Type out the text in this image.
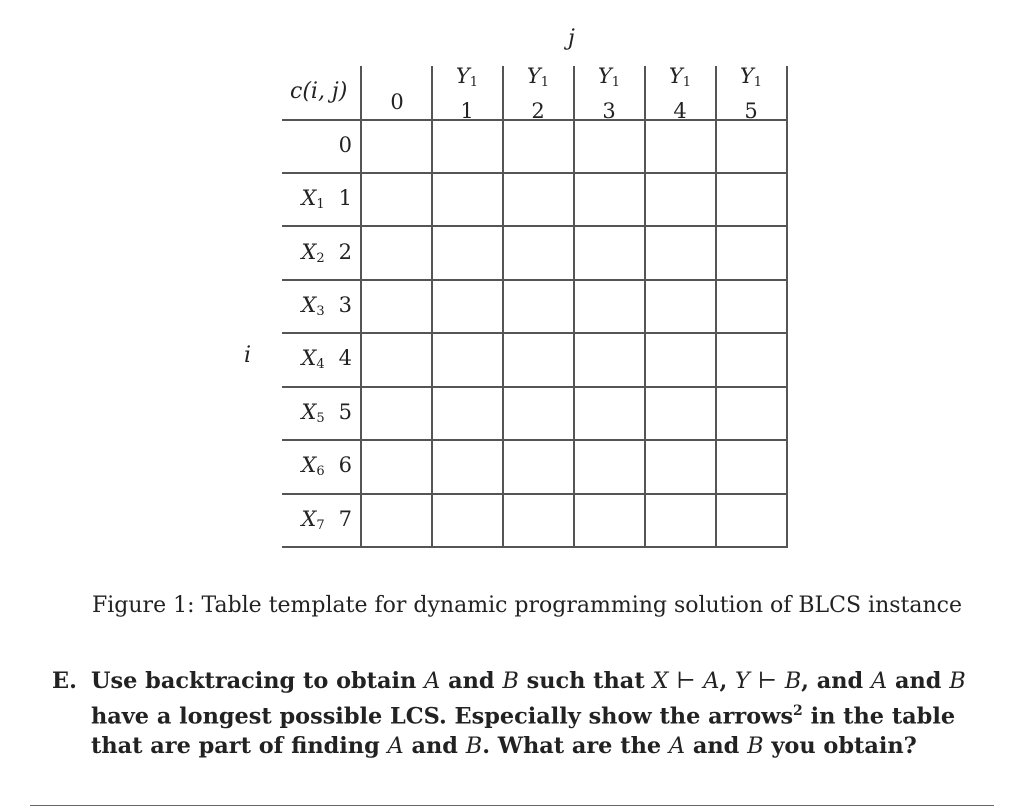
j
i
c(i, j)	0
$Y_1$
1
$Y_1$
2
$Y_1$
3
$Y_1$
4
$Y_1$
5
0
$X_1$ 1
$X_2$ 2
$X_3$ 3
$X_4$ 4
$X_5$ 5
$X_6$ 6
$X_7$ 7
Figure 1: Table template for dynamic programming solution of BLCS instance
E. Use backtracing to obtain A and B such that X ⊢ A, Y ⊢ B, and A and B have a longest possible LCS. Especially show the arrows$^2$ in the table that are part of finding A and B. What are the A and B you obtain?
